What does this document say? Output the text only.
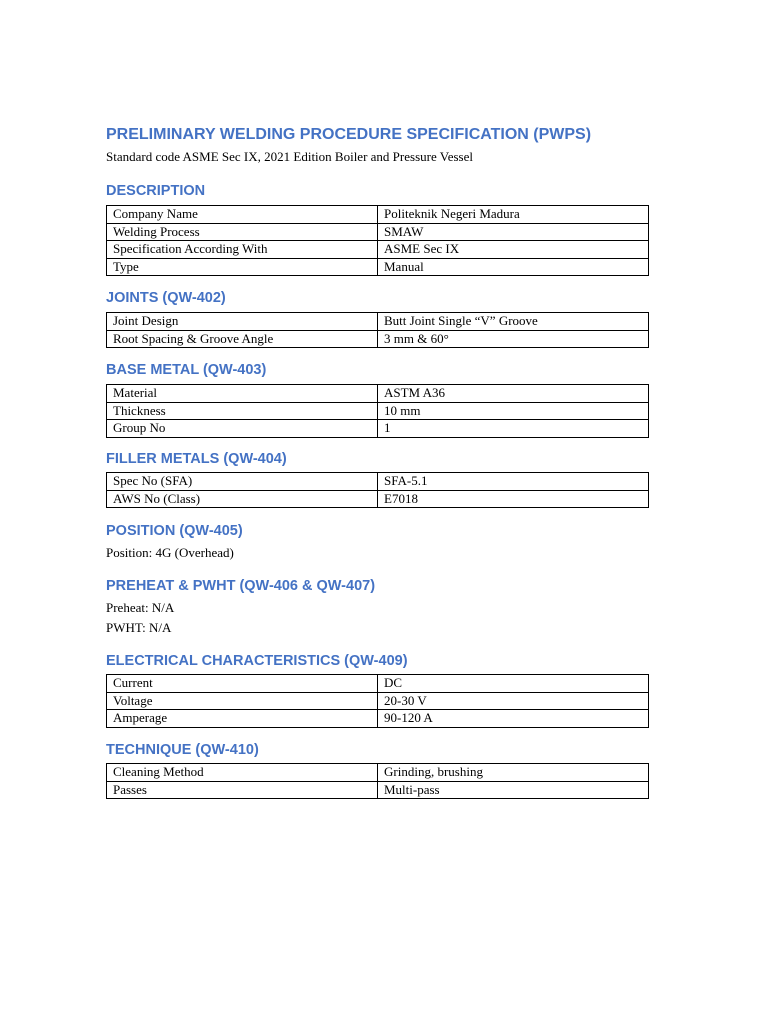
PRELIMINARY WELDING PROCEDURE SPECIFICATION (PWPS)

Standard code ASME Sec IX, 2021 Edition Boiler and Pressure Vessel

DESCRIPTION
Company Name	Politeknik Negeri Madura
Welding Process	SMAW
Specification According With	ASME Sec IX
Type	Manual
JOINTS (QW-402)
Joint Design	Butt Joint Single “V” Groove
Root Spacing & Groove Angle	3 mm & 60°
BASE METAL (QW-403)
Material	ASTM A36
Thickness	10 mm
Group No	1
FILLER METALS (QW-404)
Spec No (SFA)	SFA-5.1
AWS No (Class)	E7018
POSITION (QW-405)

Position: 4G (Overhead)

PREHEAT & PWHT (QW-406 & QW-407)

Preheat: N/A

PWHT: N/A

ELECTRICAL CHARACTERISTICS (QW-409)
Current	DC
Voltage	20-30 V
Amperage	90-120 A
TECHNIQUE (QW-410)
Cleaning Method	Grinding, brushing
Passes	Multi-pass
